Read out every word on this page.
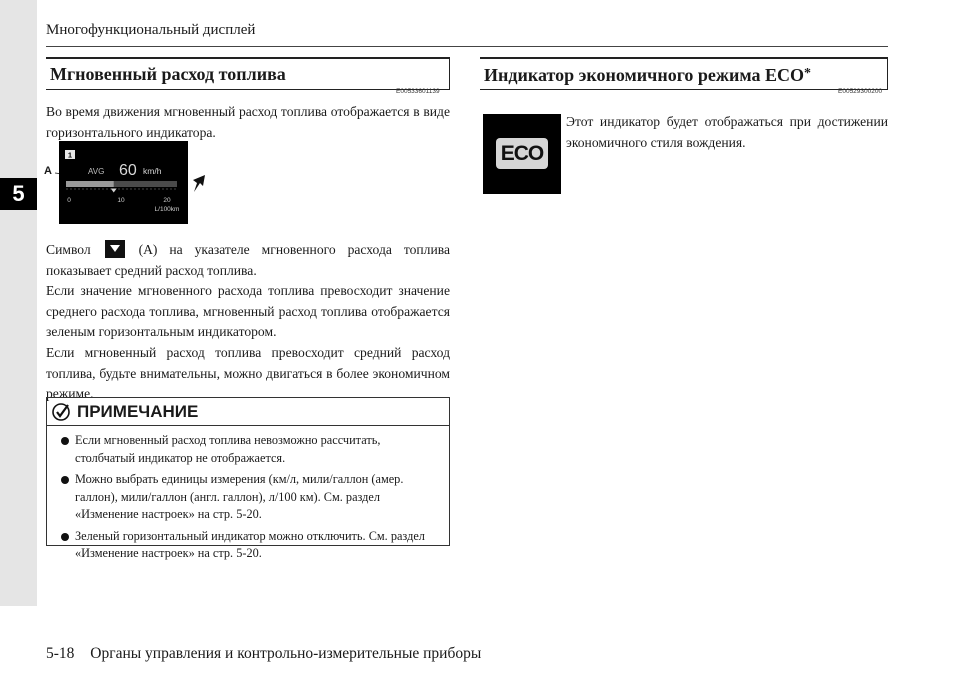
5
Многофункциональный дисплей
Мгновенный расход топлива
E00533601139
Во время движения мгновенный расход топлива отображается в виде горизонтального индикатора.
A
1
AVG 60 km/h
0	10	20
L/100km
Символ	(A) на указателе мгновенного расхода топлива показывает средний расход топлива.
Если значение мгновенного расхода топлива превосходит значение среднего расхода топлива, мгновенный расход топлива отображается зеленым горизонтальным индикатором.
Если мгновенный расход топлива превосходит средний расход топлива, будьте внимательны, можно двигаться в более экономичном режиме.
ПРИМЕЧАНИЕ
Если мгновенный расход топлива невозможно рассчитать, столбчатый индикатор не отображается.
Можно выбрать единицы измерения (км/л, мили/галлон (амер. галлон), мили/галлон (англ. галлон), л/100 км). См. раздел «Изменение настроек» на стр. 5-20.
Зеленый горизонтальный индикатор можно отключить. См. раздел «Изменение настроек» на стр. 5-20.
Индикатор экономичного режима ECO*
E00529300200
ECO
Этот индикатор будет отображаться при достижении экономичного стиля вождения.
5-18 Органы управления и контрольно-измерительные приборы
